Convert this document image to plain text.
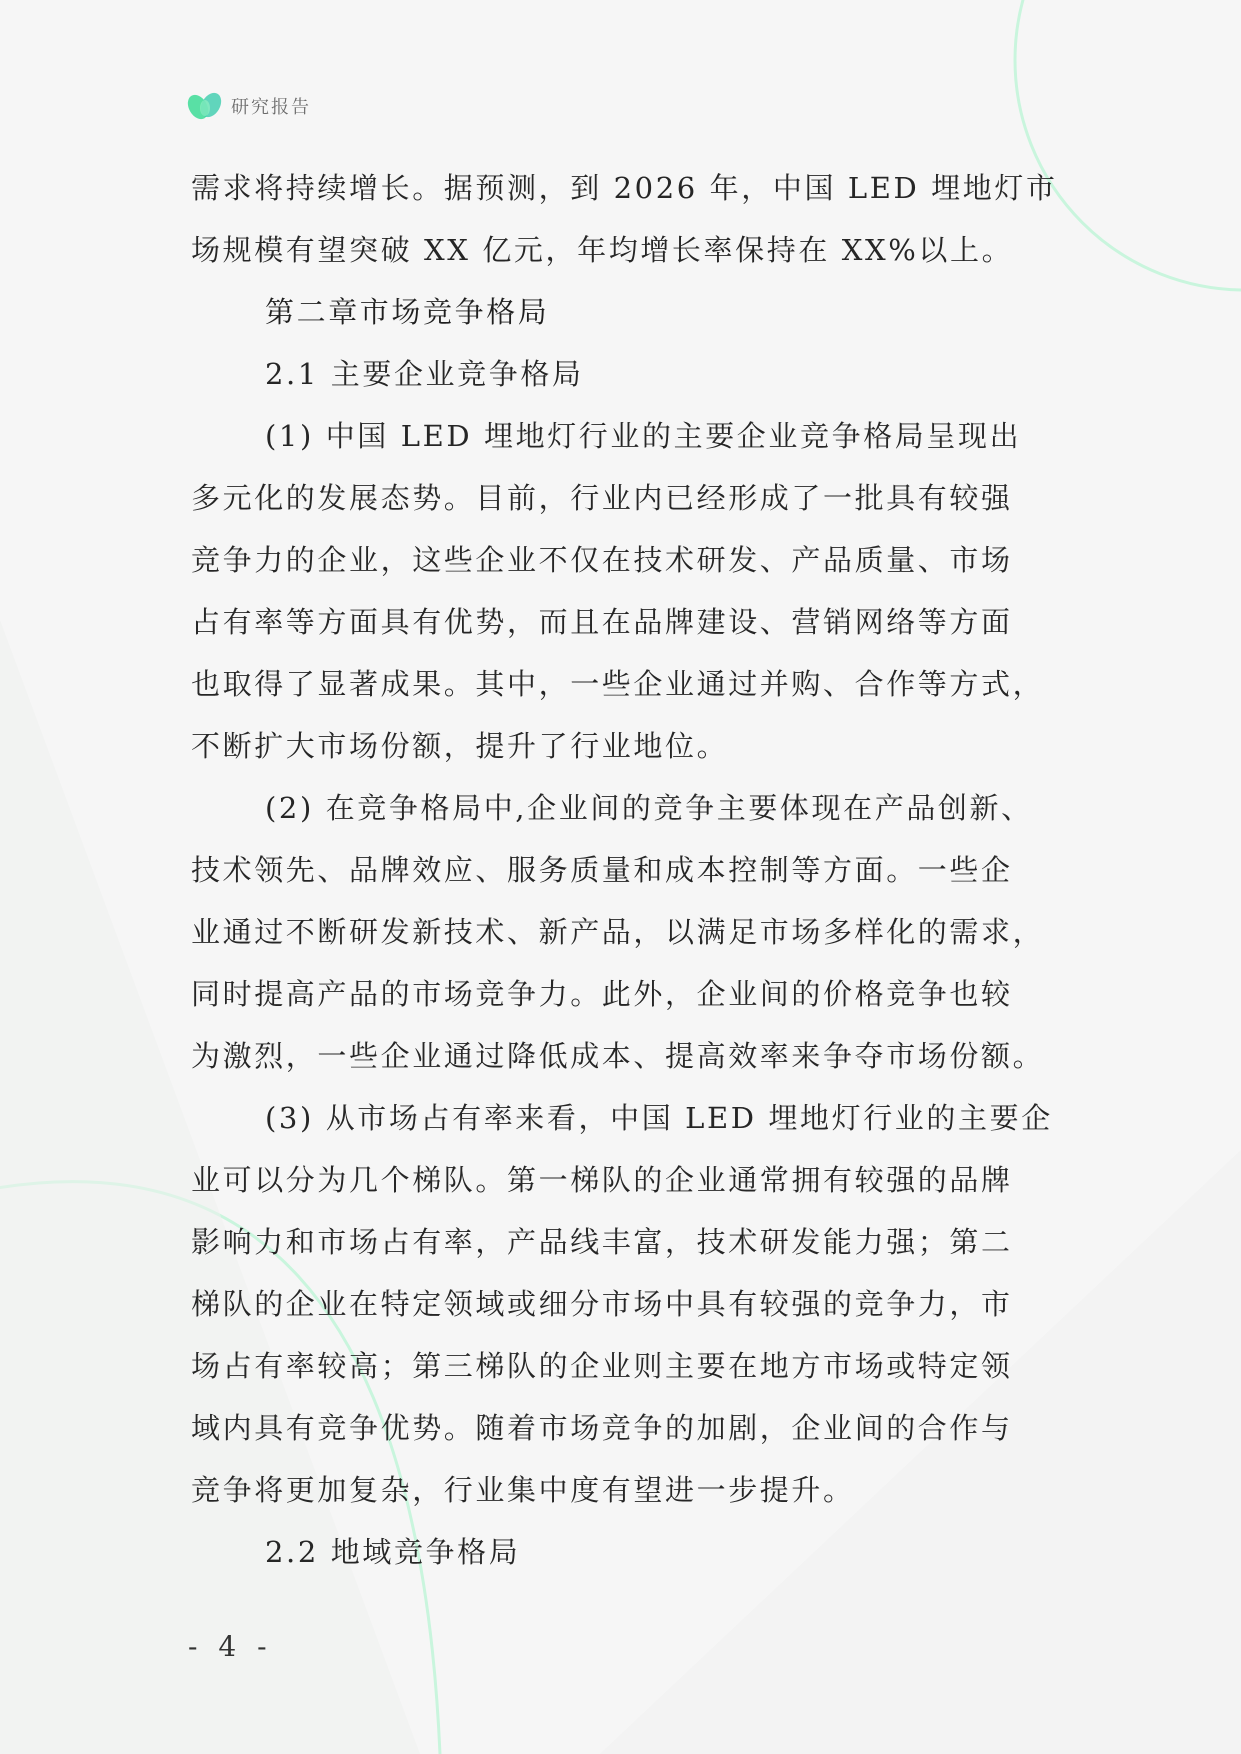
研究报告
需求将持续增长。据预测，到 2026 年，中国 LED 埋地灯市
场规模有望突破 XX 亿元，年均增长率保持在 XX%以上。
第二章市场竞争格局
2.1 主要企业竞争格局
(1) 中国 LED 埋地灯行业的主要企业竞争格局呈现出
多元化的发展态势。目前，行业内已经形成了一批具有较强
竞争力的企业，这些企业不仅在技术研发、产品质量、市场
占有率等方面具有优势，而且在品牌建设、营销网络等方面
也取得了显著成果。其中，一些企业通过并购、合作等方式，
不断扩大市场份额，提升了行业地位。
(2) 在竞争格局中,企业间的竞争主要体现在产品创新、
技术领先、品牌效应、服务质量和成本控制等方面。一些企
业通过不断研发新技术、新产品，以满足市场多样化的需求，
同时提高产品的市场竞争力。此外，企业间的价格竞争也较
为激烈，一些企业通过降低成本、提高效率来争夺市场份额。
(3) 从市场占有率来看，中国 LED 埋地灯行业的主要企
业可以分为几个梯队。第一梯队的企业通常拥有较强的品牌
影响力和市场占有率，产品线丰富，技术研发能力强；第二
梯队的企业在特定领域或细分市场中具有较强的竞争力，市
场占有率较高；第三梯队的企业则主要在地方市场或特定领
域内具有竞争优势。随着市场竞争的加剧，企业间的合作与
竞争将更加复杂，行业集中度有望进一步提升。
2.2 地域竞争格局
- 4 -
